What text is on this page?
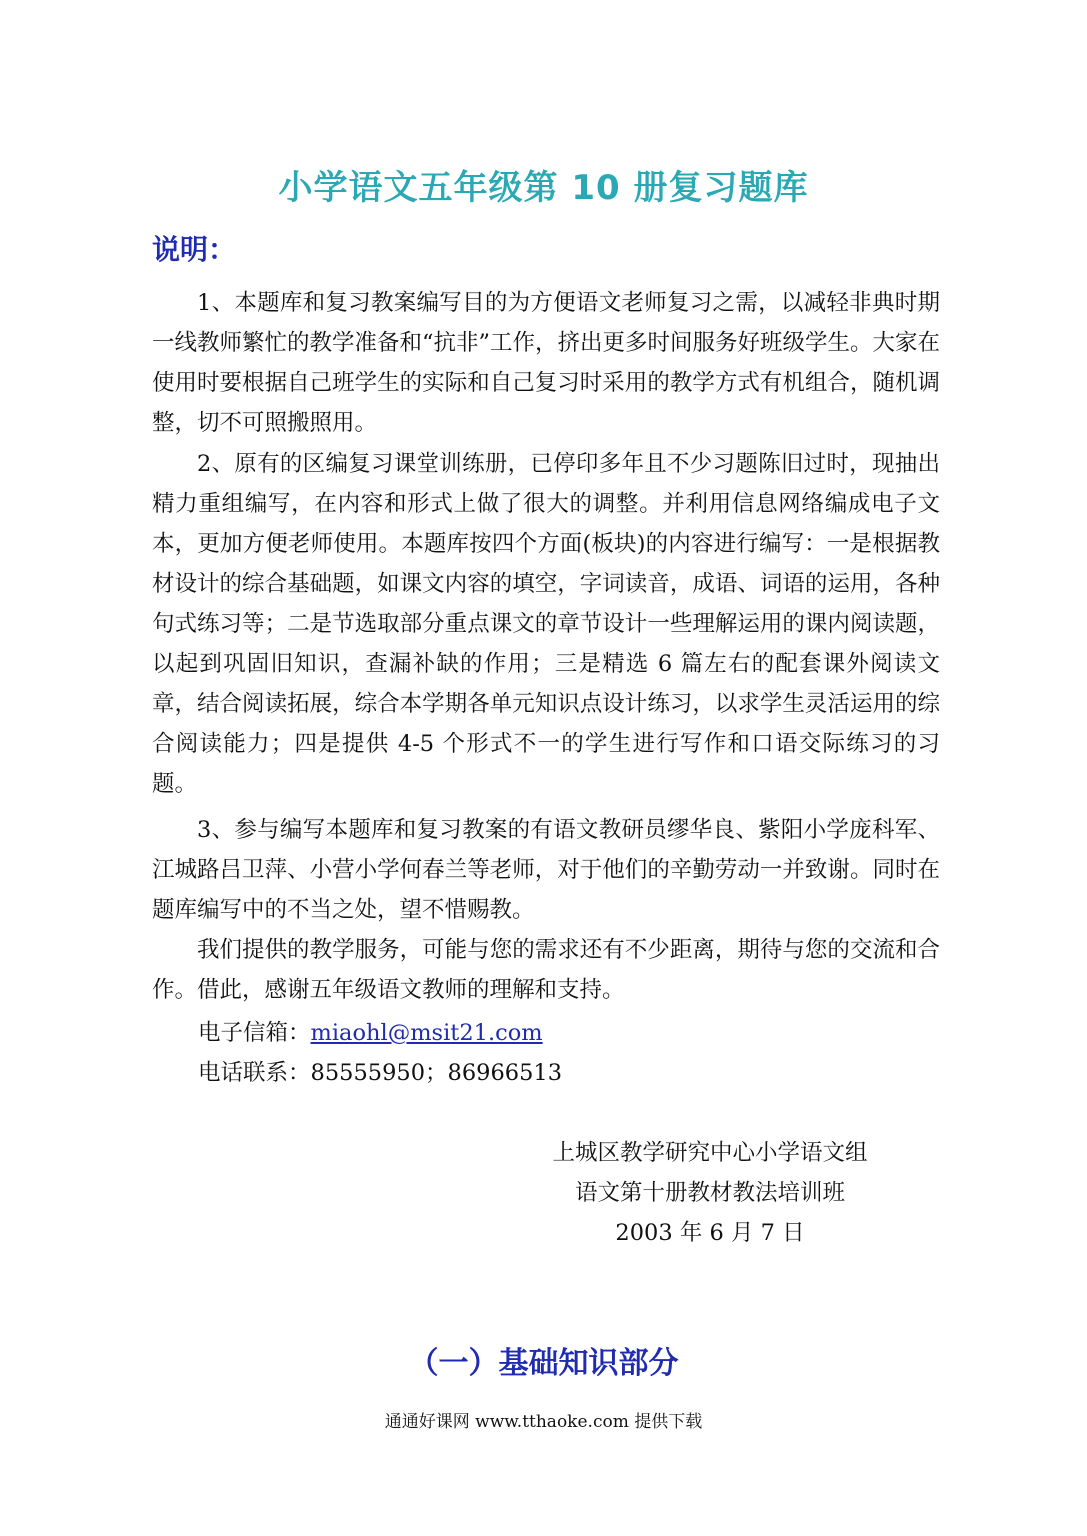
小学语文五年级第 10 册复习题库
说明：

1、本题库和复习教案编写目的为方便语文老师复习之需，以减轻非典时期一线教师繁忙的教学准备和“抗非”工作，挤出更多时间服务好班级学生。大家在使用时要根据自己班学生的实际和自己复习时采用的教学方式有机组合，随机调整，切不可照搬照用。

2、原有的区编复习课堂训练册，已停印多年且不少习题陈旧过时，现抽出精力重组编写，在内容和形式上做了很大的调整。并利用信息网络编成电子文本，更加方便老师使用。本题库按四个方面(板块)的内容进行编写：一是根据教材设计的综合基础题，如课文内容的填空，字词读音，成语、词语的运用，各种句式练习等；二是节选取部分重点课文的章节设计一些理解运用的课内阅读题，以起到巩固旧知识，查漏补缺的作用；三是精选 6 篇左右的配套课外阅读文章，结合阅读拓展，综合本学期各单元知识点设计练习，以求学生灵活运用的综合阅读能力；四是提供 4-5 个形式不一的学生进行写作和口语交际练习的习题。

3、参与编写本题库和复习教案的有语文教研员缪华良、紫阳小学庞科军、江城路吕卫萍、小营小学何春兰等老师，对于他们的辛勤劳动一并致谢。同时在题库编写中的不当之处，望不惜赐教。

我们提供的教学服务，可能与您的需求还有不少距离，期待与您的交流和合作。借此，感谢五年级语文教师的理解和支持。

电子信箱：miaohl@msit21.com
电话联系：85555950；86966513
上城区教学研究中心小学语文组
语文第十册教材教法培训班
2003 年 6 月 7 日
（一）基础知识部分
通通好课网 www.tthaoke.com 提供下载
